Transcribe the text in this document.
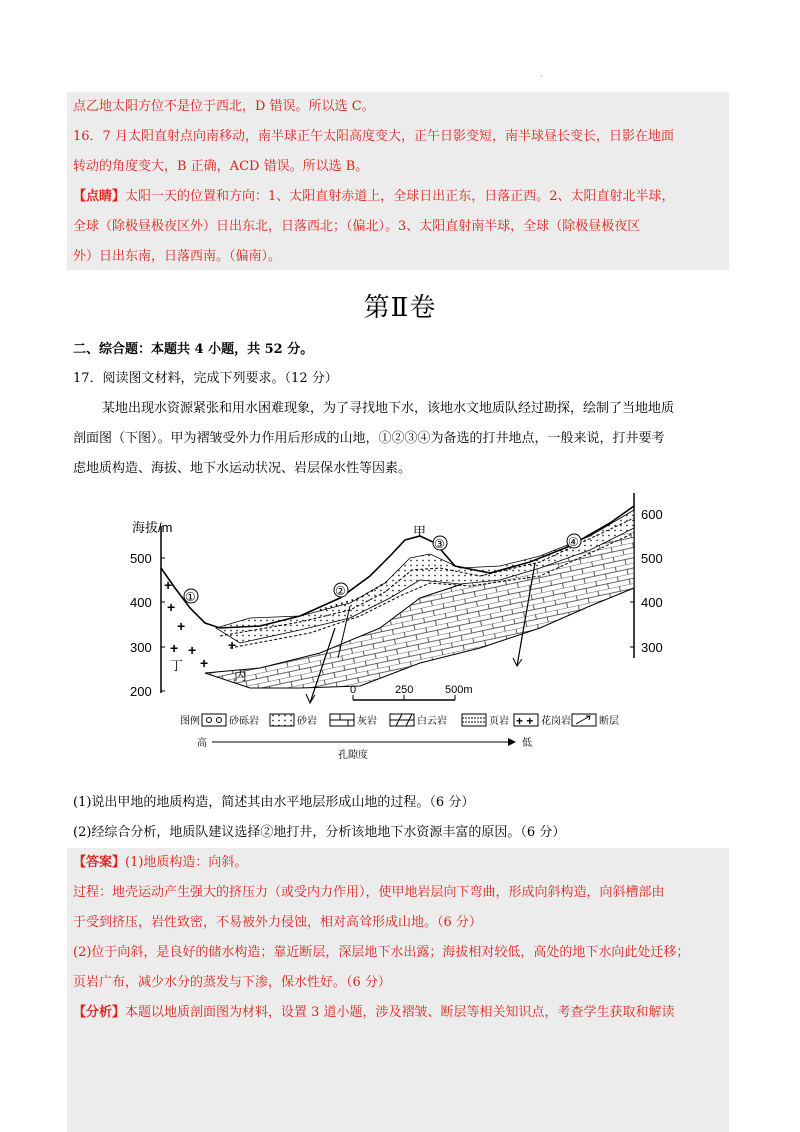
·
点乙地太阳方位不是位于西北，D 错误。所以选 C。
16．7 月太阳直射点向南移动，南半球正午太阳高度变大，正午日影变短，南半球昼长变长，日影在地面
转动的角度变大，B 正确，ACD 错误。所以选 B。
【点睛】太阳一天的位置和方向：1、太阳直射赤道上，全球日出正东，日落正西。2、太阳直射北半球，
全球（除极昼极夜区外）日出东北，日落西北；（偏北）。3、太阳直射南半球，全球（除极昼极夜区
外）日出东南，日落西南。（偏南）。
第Ⅱ卷
二、综合题：本题共 4 小题，共 52 分。
17．阅读图文材料，完成下列要求。（12 分）
某地出现水资源紧张和用水困难现象，为了寻找地下水，该地水文地质队经过勘探，绘制了当地地质
剖面图（下图）。甲为褶皱受外力作用后形成的山地，①②③④为备选的打井地点，一般来说，打井要考
虑地质构造、海拔、地下水运动状况、岩层保水性等因素。
海拔/m
500
400
300
200
600
500
400
300
+
+
+
+ +
+
+
①	②
③	④
甲
丁
丙
0	250	500m
图例	砂砾岩	砂岩	灰岩	白云岩	页岩 + + 花岗岩	断层
高
孔隙度
低
(1)说出甲地的地质构造，简述其由水平地层形成山地的过程。（6 分）
(2)经综合分析，地质队建议选择②地打井，分析该地地下水资源丰富的原因。（6 分）
【答案】(1)地质构造：向斜。
过程：地壳运动产生强大的挤压力（或受内力作用），使甲地岩层向下弯曲，形成向斜构造，向斜槽部由
于受到挤压，岩性致密，不易被外力侵蚀，相对高耸形成山地。（6 分）
(2)位于向斜，是良好的储水构造；靠近断层，深层地下水出露；海拔相对较低，高处的地下水向此处迁移；
页岩广布，减少水分的蒸发与下渗，保水性好。（6 分）
【分析】本题以地质剖面图为材料，设置 3 道小题，涉及褶皱、断层等相关知识点，考查学生获取和解读
